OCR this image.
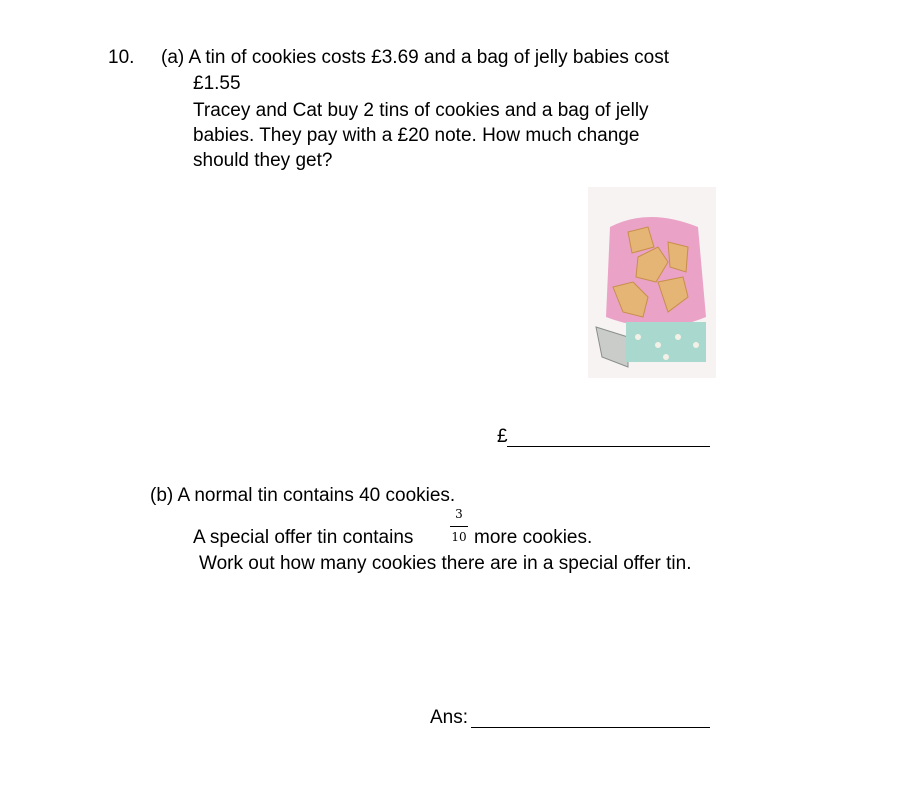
10. (a) A tin of cookies costs £3.69 and a bag of jelly babies cost
£1.55
Tracey and Cat buy 2 tins of cookies and a bag of jelly
babies. They pay with a £20 note. How much change
should they get?
£
(b) A normal tin contains 40 cookies.
A special offer tin contains
3
10 more cookies.
Work out how many cookies there are in a special offer tin.
Ans:
